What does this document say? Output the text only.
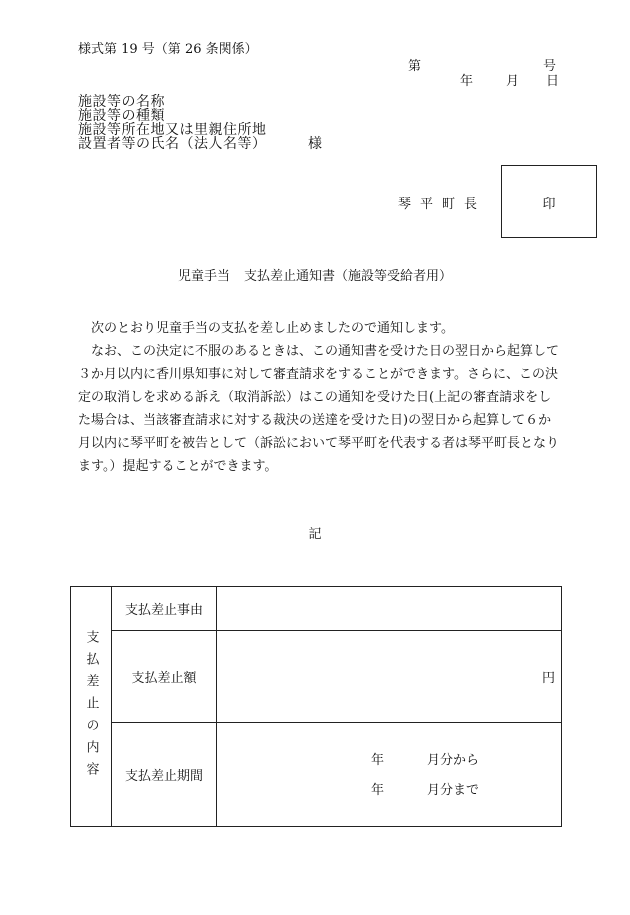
様式第 19 号（第 26 条関係）
第	号
年	月 日
施設等の名称
施設等の種類
施設等所在地又は里親住所地
設置者等の氏名（法人名等）	様
琴平町長	印
児童手当 支払差止通知書（施設等受給者用）

次のとおり児童手当の支払を差し止めましたので通知します。

なお、この決定に不服のあるときは、この通知書を受けた日の翌日から起算して３か月以内に香川県知事に対して審査請求をすることができます。さらに、この決定の取消しを求める訴え（取消訴訟）はこの通知を受けた日(上記の審査請求をした場合は、当該審査請求に対する裁決の送達を受けた日)の翌日から起算して６か月以内に琴平町を被告として（訴訟において琴平町を代表する者は琴平町長となります。）提起することができます。

記
支払差止の内容	支払差止事由	
	支払差止額	円
	支払差止期間	年 月分から
年 月分まで
